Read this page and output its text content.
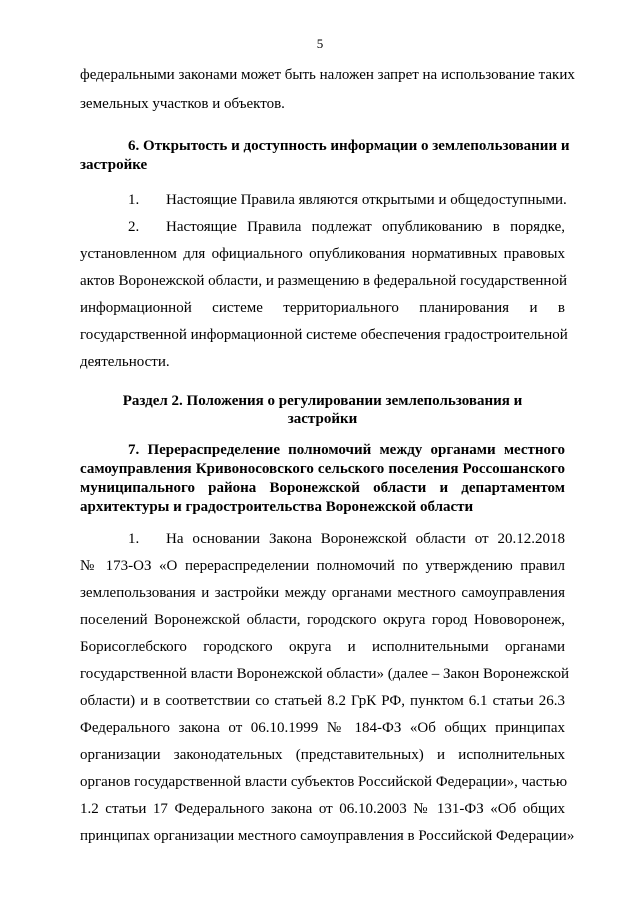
5
федеральными законами может быть наложен запрет на использование таких
земельных участков и объектов.
6. Открытость и доступность информации о землепользовании и
застройке
1. Настоящие Правила являются открытыми и общедоступными.
2. Настоящие Правила подлежат опубликованию в порядке,
установленном для официального опубликования нормативных правовых
актов Воронежской области, и размещению в федеральной государственной
информационной системе территориального планирования и в
государственной информационной системе обеспечения градостроительной
деятельности.
Раздел 2. Положения о регулировании землепользования и
застройки
7. Перераспределение полномочий между органами местного
самоуправления Кривоносовского сельского поселения Россошанского
муниципального района Воронежской области и департаментом
архитектуры и градостроительства Воронежской области
1. На основании Закона Воронежской области от 20.12.2018
№ 173-ОЗ «О перераспределении полномочий по утверждению правил
землепользования и застройки между органами местного самоуправления
поселений Воронежской области, городского округа город Нововоронеж,
Борисоглебского городского округа и исполнительными органами
государственной власти Воронежской области» (далее – Закон Воронежской
области) и в соответствии со статьей 8.2 ГрК РФ, пунктом 6.1 статьи 26.3
Федерального закона от 06.10.1999 № 184-ФЗ «Об общих принципах
организации законодательных (представительных) и исполнительных
органов государственной власти субъектов Российской Федерации», частью
1.2 статьи 17 Федерального закона от 06.10.2003 № 131-ФЗ «Об общих
принципах организации местного самоуправления в Российской Федерации»
